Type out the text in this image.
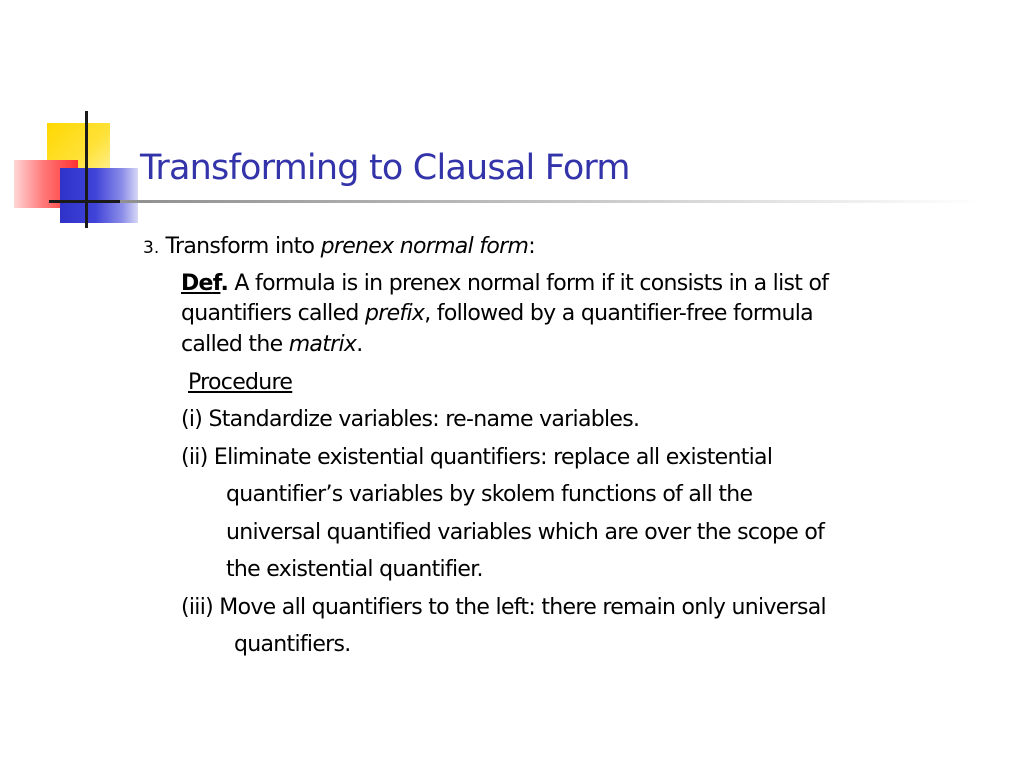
Transforming to Clausal Form

3. Transform into prenex normal form:

Def. A formula is in prenex normal form if it consists in a list of

quantifiers called prefix, followed by a quantifier-free formula

called the matrix.

Procedure

(i) Standardize variables: re-name variables.

(ii) Eliminate existential quantifiers: replace all existential

quantifier’s variables by skolem functions of all the

universal quantified variables which are over the scope of

the existential quantifier.

(iii) Move all quantifiers to the left: there remain only universal

quantifiers.
